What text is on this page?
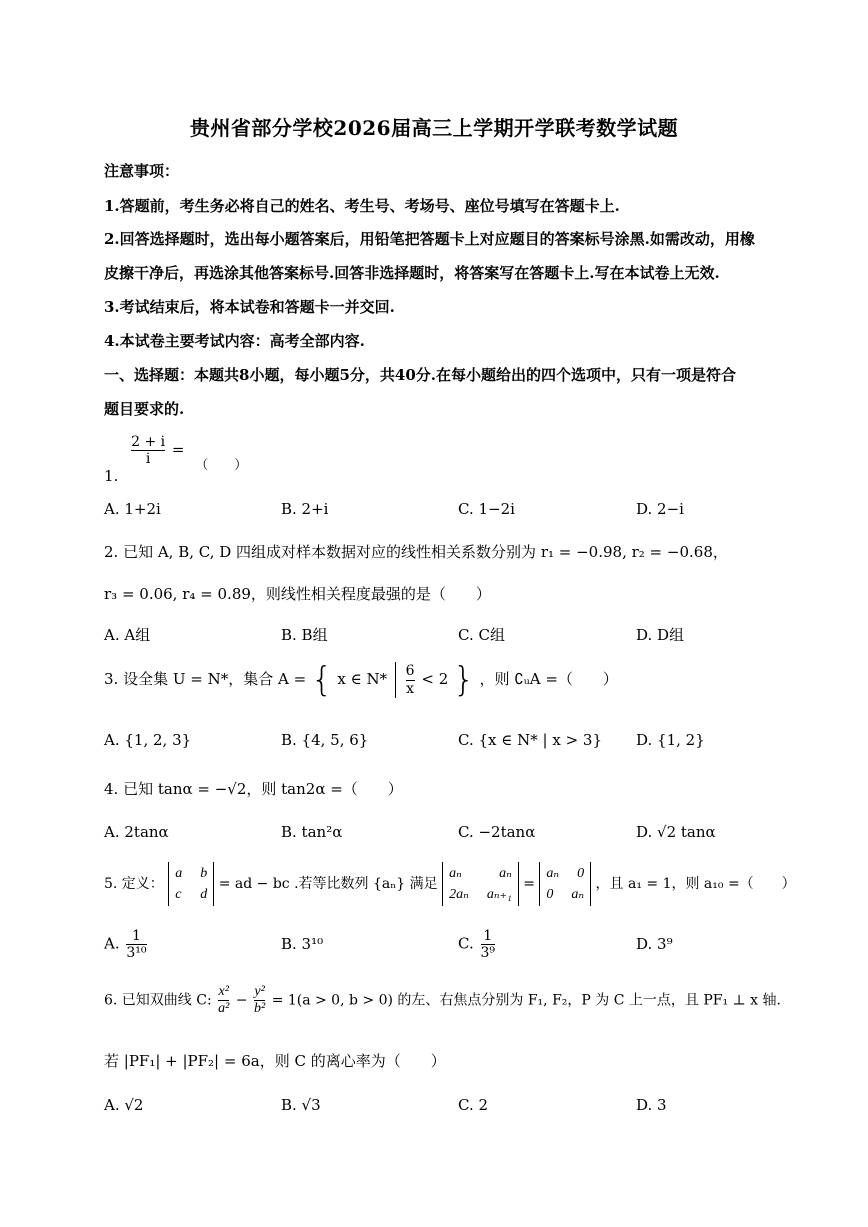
贵州省部分学校2026届高三上学期开学联考数学试题
注意事项：
1.答题前，考生务必将自己的姓名、考生号、考场号、座位号填写在答题卡上.
2.回答选择题时，选出每小题答案后，用铅笔把答题卡上对应题目的答案标号涂黑.如需改动，用橡
皮擦干净后，再选涂其他答案标号.回答非选择题时，将答案写在答题卡上.写在本试卷上无效.
3.考试结束后，将本试卷和答题卡一并交回.
4.本试卷主要考试内容：高考全部内容.
一、选择题：本题共8小题，每小题5分，共40分.在每小题给出的四个选项中，只有一项是符合
题目要求的.
1.
$\frac{2 + i}{i}$ = （　　）
A. 1+2i	B. 2+i	C. 1−2i	D. 2−i
2. 已知 A, B, C, D 四组成对样本数据对应的线性相关系数分别为 r₁ = −0.98, r₂ = −0.68，
r₃ = 0.06, r₄ = 0.89，则线性相关程度最强的是（　　）
A. A组	B. B组	C. C组	D. D组
3. 设全集 U = N*，集合 A = { x ∈ $N* \frac{6}{x} < 2$ } ，则 ∁ᵤA =（　　）
A. {1, 2, 3}	B. {4, 5, 6}	C. {x ∈ N* | x > 3} D. {1, 2}
4. 已知 tanα = −√2，则 tan2α =（　　）
A. 2tanα	B. tan²α	C. −2tanα	D. √2 tanα
5. 定义：
a b
c d
= ad − bc .若等比数列 {aₙ} 满足
aₙ	aₙ
2aₙ aₙ₊₁
=
aₙ 0
0 aₙ
，且 a₁ = 1，则 a₁₀ =（　　）
A. $\frac{1}{\text{3¹⁰}}$	B. 3¹⁰	C. $\frac{1}{\text{3⁹}}$	D. 3⁹
6. 已知双曲线 C: $\frac{\text{x²}}{\text{a²}} - \frac{\text{y²}}{\text{b²}} = 1(a > 0$, b > 0) 的左、右焦点分别为 F₁, F₂，P 为 C 上一点，且 PF₁ ⊥ x 轴.
若 |PF₁| + |PF₂| = 6a，则 C 的离心率为（　　）
A. √2	B. √3	C. 2	D. 3
